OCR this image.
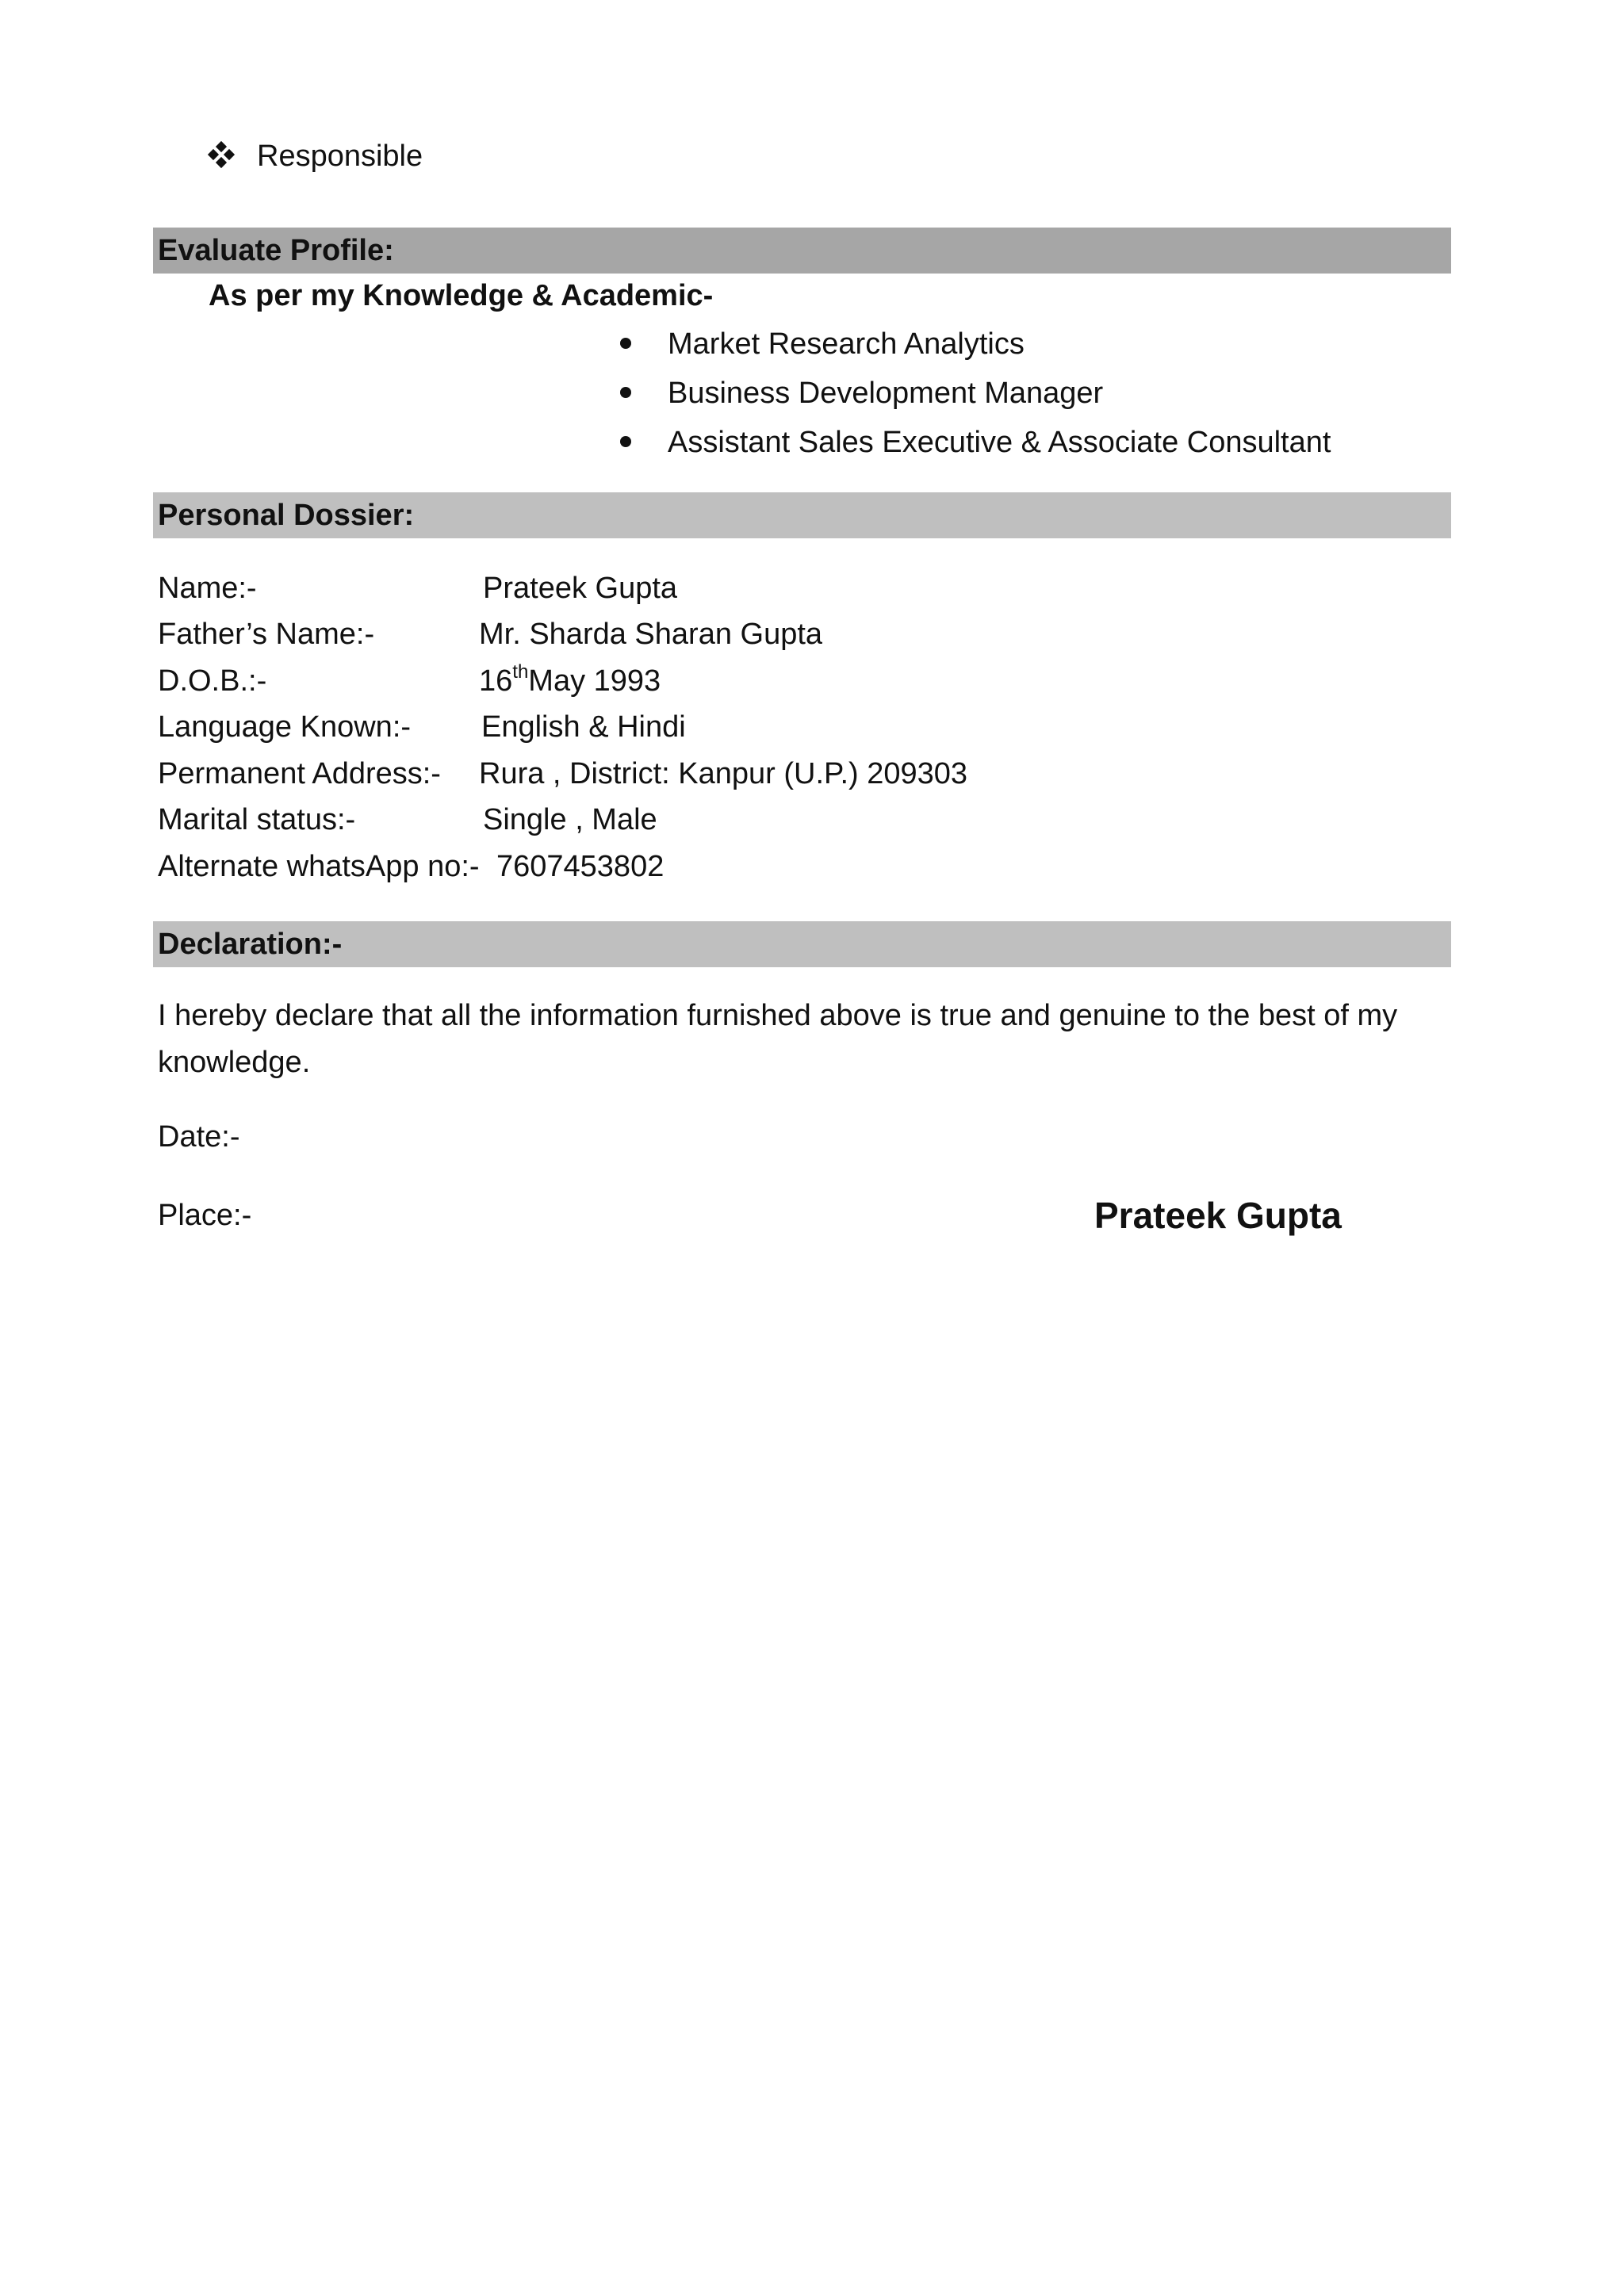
Responsible
Evaluate Profile:
As per my Knowledge & Academic-
Market Research Analytics
Business Development Manager
Assistant Sales Executive & Associate Consultant
Personal Dossier:
Name:-	Prateek Gupta
Father’s Name:-	Mr. Sharda Sharan Gupta
D.O.B.:-	16thMay 1993
Language Known:- English & Hindi
Permanent Address:- Rura , District: Kanpur (U.P.) 209303
Marital status:-	Single , Male
Alternate whatsApp no:- 7607453802
Declaration:-
I hereby declare that all the information furnished above is true and genuine to the best of my
knowledge.
Date:-
Place:-	Prateek Gupta
